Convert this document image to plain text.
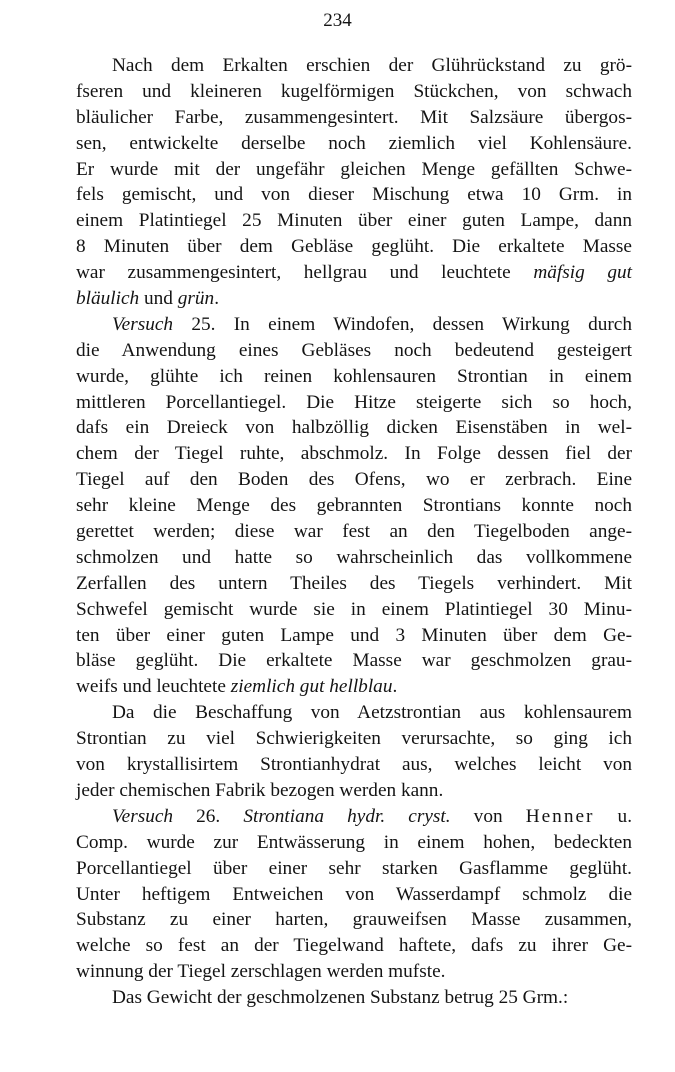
234
Nach dem Erkalten erschien der Glührückstand zu grö-
fseren und kleineren kugelförmigen Stückchen, von schwach
bläulicher Farbe, zusammengesintert. Mit Salzsäure übergos-
sen, entwickelte derselbe noch ziemlich viel Kohlensäure.
Er wurde mit der ungefähr gleichen Menge gefällten Schwe-
fels gemischt, und von dieser Mischung etwa 10 Grm. in
einem Platintiegel 25 Minuten über einer guten Lampe, dann
8 Minuten über dem Gebläse geglüht. Die erkaltete Masse
war zusammengesintert, hellgrau und leuchtete mäfsig gut
bläulich und grün.
Versuch 25. In einem Windofen, dessen Wirkung durch
die Anwendung eines Gebläses noch bedeutend gesteigert
wurde, glühte ich reinen kohlensauren Strontian in einem
mittleren Porcellantiegel. Die Hitze steigerte sich so hoch,
dafs ein Dreieck von halbzöllig dicken Eisenstäben in wel-
chem der Tiegel ruhte, abschmolz. In Folge dessen fiel der
Tiegel auf den Boden des Ofens, wo er zerbrach. Eine
sehr kleine Menge des gebrannten Strontians konnte noch
gerettet werden; diese war fest an den Tiegelboden ange-
schmolzen und hatte so wahrscheinlich das vollkommene
Zerfallen des untern Theiles des Tiegels verhindert. Mit
Schwefel gemischt wurde sie in einem Platintiegel 30 Minu-
ten über einer guten Lampe und 3 Minuten über dem Ge-
bläse geglüht. Die erkaltete Masse war geschmolzen grau-
weifs und leuchtete ziemlich gut hellblau.
Da die Beschaffung von Aetzstrontian aus kohlensaurem
Strontian zu viel Schwierigkeiten verursachte, so ging ich
von krystallisirtem Strontianhydrat aus, welches leicht von
jeder chemischen Fabrik bezogen werden kann.
Versuch 26. Strontiana hydr. cryst. von Henner u.
Comp. wurde zur Entwässerung in einem hohen, bedeckten
Porcellantiegel über einer sehr starken Gasflamme geglüht.
Unter heftigem Entweichen von Wasserdampf schmolz die
Substanz zu einer harten, grauweifsen Masse zusammen,
welche so fest an der Tiegelwand haftete, dafs zu ihrer Ge-
winnung der Tiegel zerschlagen werden mufste.
Das Gewicht der geschmolzenen Substanz betrug 25 Grm.:
